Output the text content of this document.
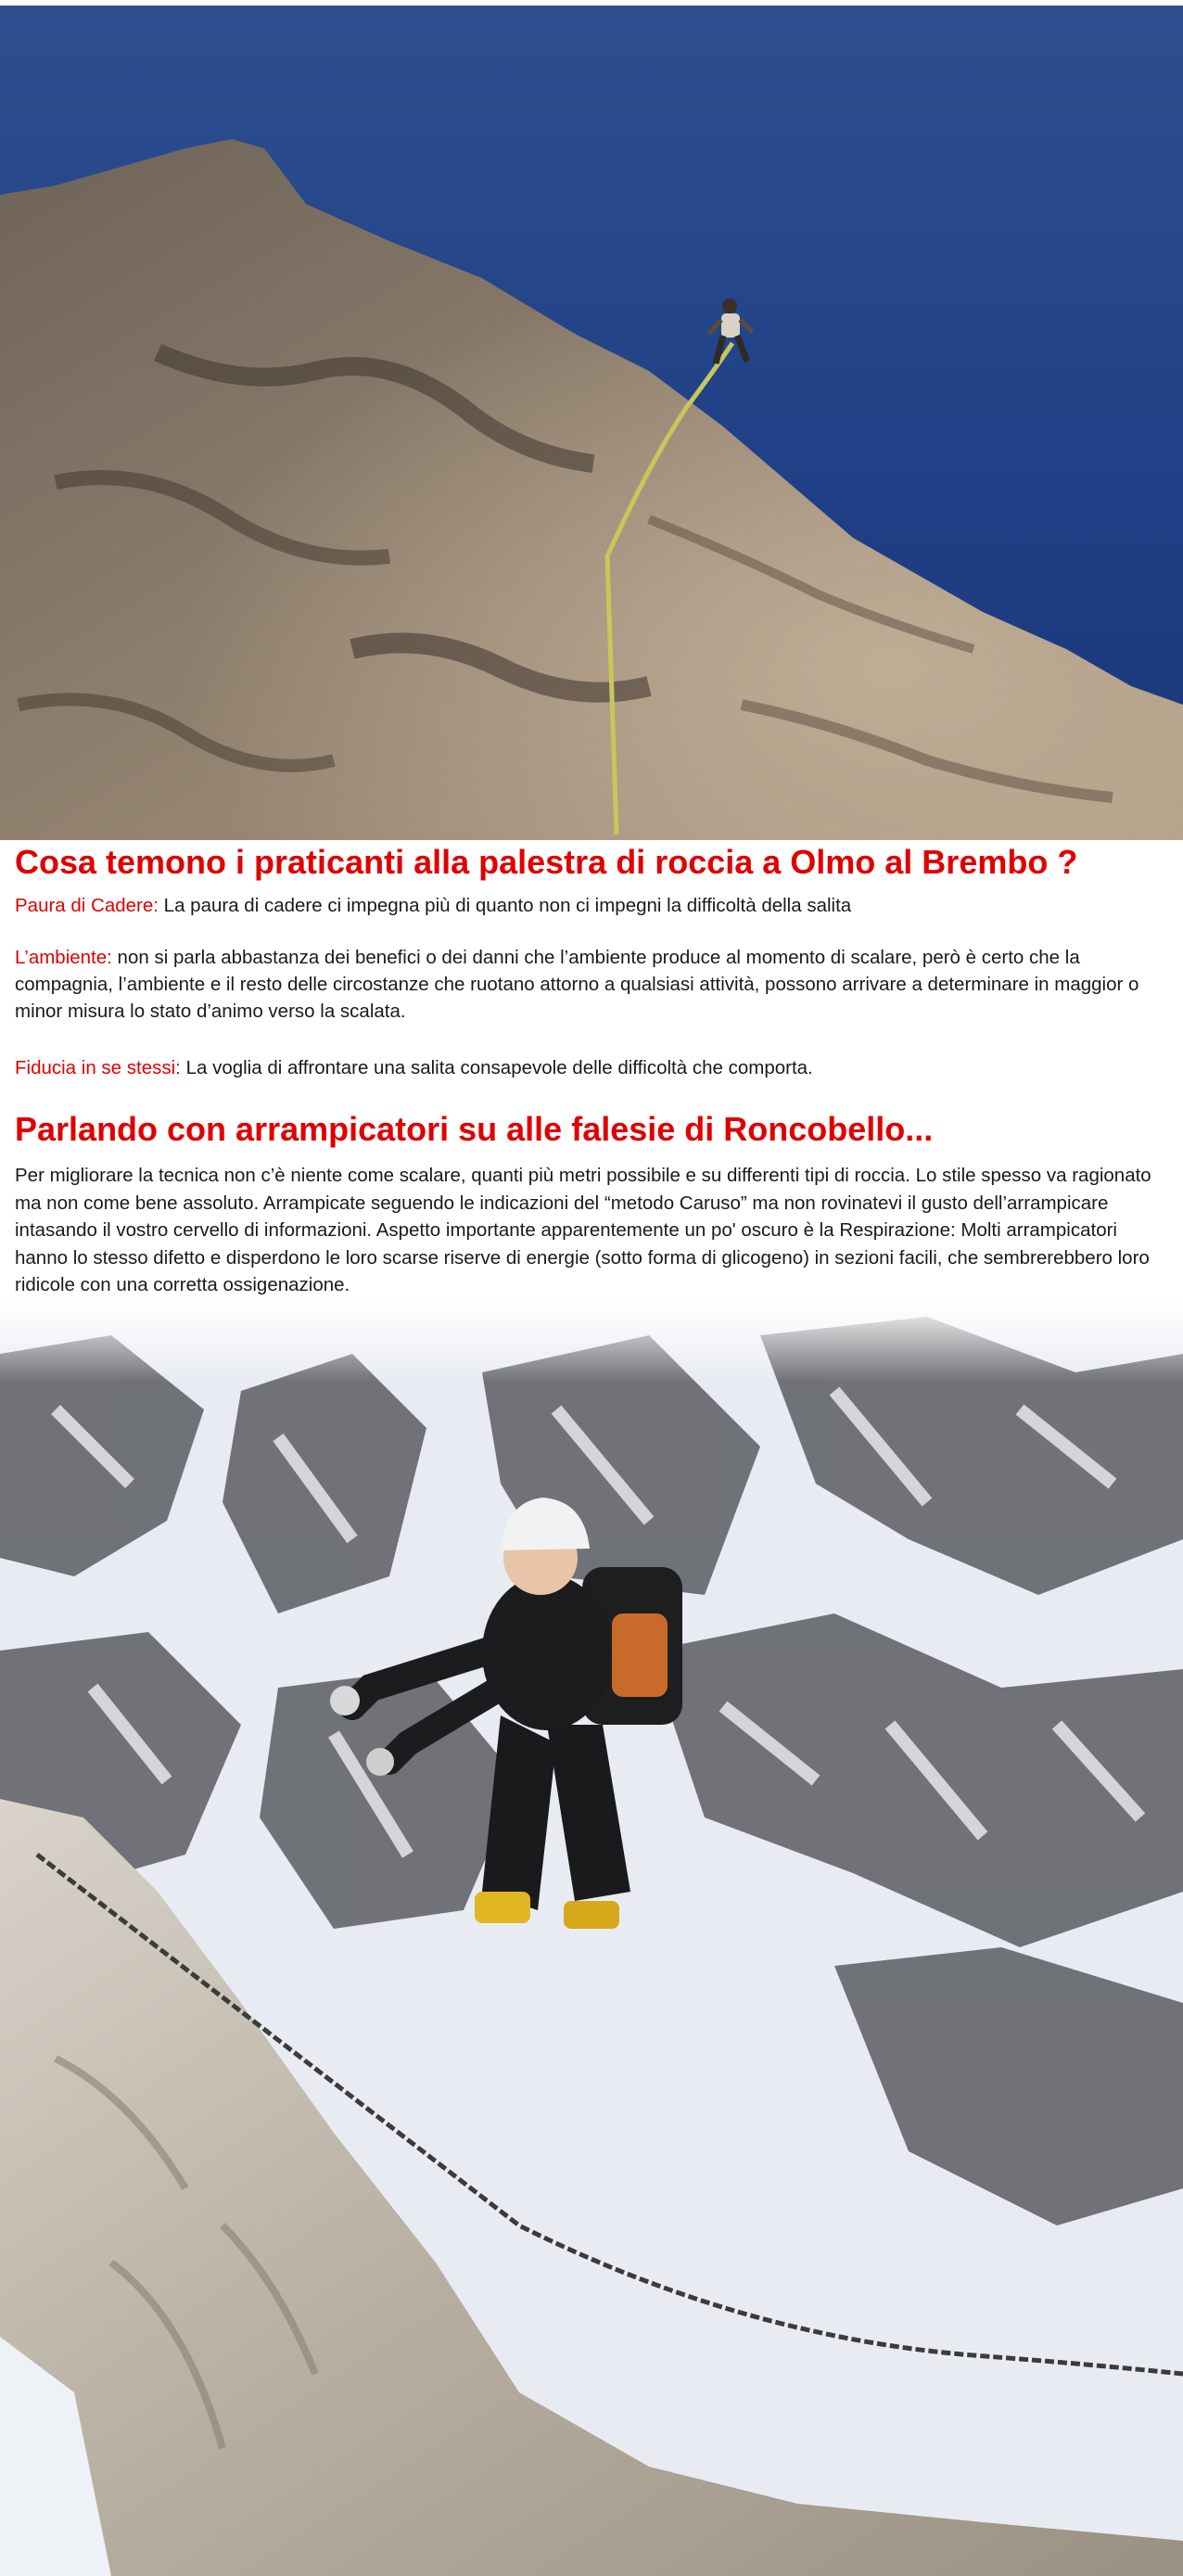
Cosa temono i praticanti alla palestra di roccia a Olmo al Brembo ?

Paura di Cadere: La paura di cadere ci impegna più di quanto non ci impegni la difficoltà della salita

L’ambiente: non si parla abbastanza dei benefici o dei danni che l’ambiente produce al momento di scalare, però è certo che la compagnia, l’ambiente e il resto delle circostanze che ruotano attorno a qualsiasi attività, possono arrivare a determinare in maggior o minor misura lo stato d’animo verso la scalata.

Fiducia in se stessi: La voglia di affrontare una salita consapevole delle difficoltà che comporta.

Parlando con arrampicatori su alle falesie di Roncobello...

Per migliorare la tecnica non c’è niente come scalare, quanti più metri possibile e su differenti tipi di roccia. Lo stile spesso va ragionato ma non come bene assoluto. Arrampicate seguendo le indicazioni del “metodo Caruso” ma non rovinatevi il gusto dell’arrampicare intasando il vostro cervello di informazioni. Aspetto importante apparentemente un po' oscuro è la Respirazione: Molti arrampicatori hanno lo stesso difetto e disperdono le loro scarse riserve di energie (sotto forma di glicogeno) in sezioni facili, che sembrerebbero loro ridicole con una corretta ossigenazione.
